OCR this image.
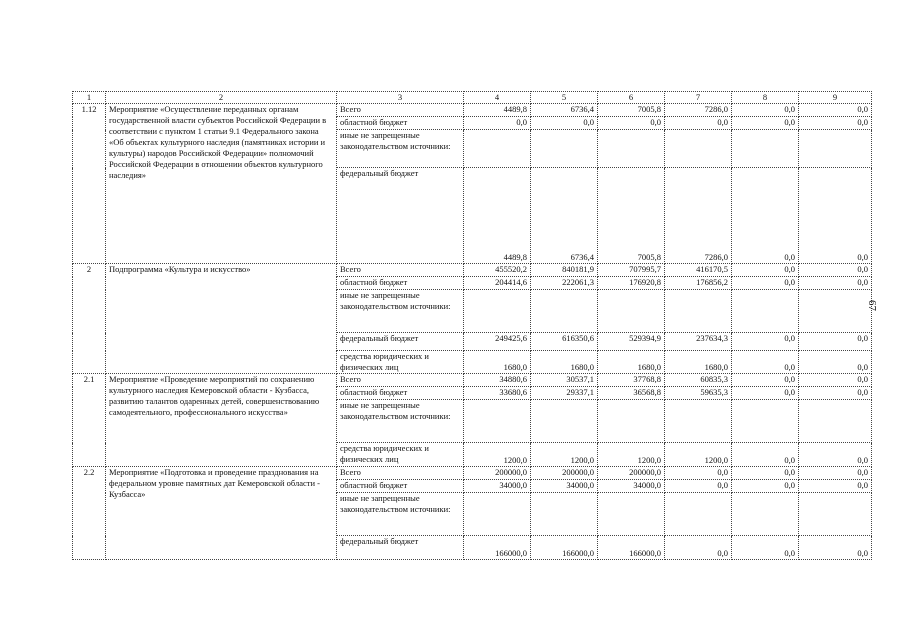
1	2	3	4	5	6	7	8	9
1.12	Мероприятие «Осуществление переданных органам государственной власти субъектов Российской Федерации в соответствии с пунктом 1 статьи 9.1 Федерального закона «Об объектах культурного наследия (памятниках истории и культуры) народов Российской Федерации» полномочий Российской Федерации в отношении объектов культурного наследия»	Всего	4489,8	6736,4	7005,8	7286,0	0,0	0,0
		областной бюджет	0,0	0,0	0,0	0,0	0,0	0,0
		иные не запрещенные законодательством источники:						
		федеральный бюджет	4489,8	6736,4	7005,8	7286,0	0,0	0,0
2	Подпрограмма «Культура и искусство»	Всего	455520,2	840181,9	707995,7	416170,5	0,0	0,0
		областной бюджет	204414,6	222061,3	176920,8	176856,2	0,0	0,0
		иные не запрещенные законодательством источники:						
		федеральный бюджет	249425,6	616350,6	529394,9	237634,3	0,0	0,0
		средства юридических и физических лиц	1680,0	1680,0	1680,0	1680,0	0,0	0,0
2.1	Мероприятие «Проведение мероприятий по сохранению культурного наследия Кемеровской области - Кузбасса, развитию талантов одаренных детей, совершенствованию самодеятельного, профессионального искусства»	Всего	34880,6	30537,1	37768,8	60835,3	0,0	0,0
		областной бюджет	33680,6	29337,1	36568,8	59635,3	0,0	0,0
		иные не запрещенные законодательством источники:						
		средства юридических и физических лиц	1200,0	1200,0	1200,0	1200,0	0,0	0,0
2.2	Мероприятие «Подготовка и проведение празднования на федеральном уровне памятных дат Кемеровской области - Кузбасса»	Всего	200000,0	200000,0	200000,0	0,0	0,0	0,0
		областной бюджет	34000,0	34000,0	34000,0	0,0	0,0	0,0
		иные не запрещенные законодательством источники:						
		федеральный бюджет	166000,0	166000,0	166000,0	0,0	0,0	0,0
67
